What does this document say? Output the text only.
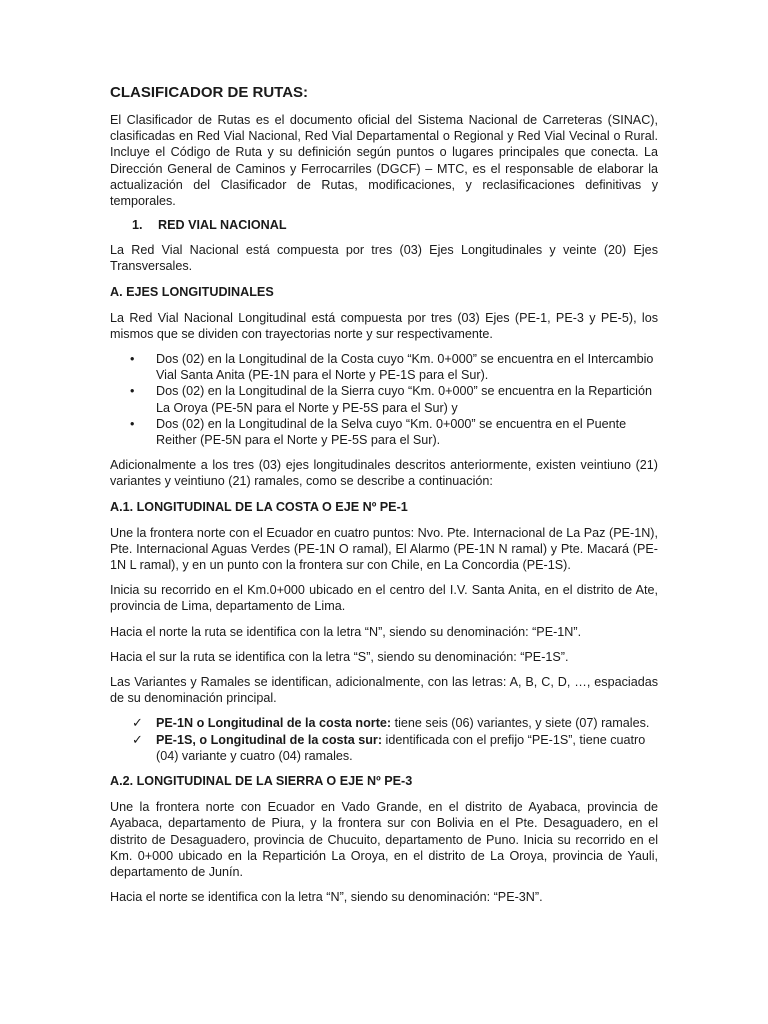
CLASIFICADOR DE RUTAS:

El Clasificador de Rutas es el documento oficial del Sistema Nacional de Carreteras (SINAC), clasificadas en Red Vial Nacional, Red Vial Departamental o Regional y Red Vial Vecinal o Rural. Incluye el Código de Ruta y su definición según puntos o lugares principales que conecta. La Dirección General de Caminos y Ferrocarriles (DGCF) – MTC, es el responsable de elaborar la actualización del Clasificador de Rutas, modificaciones, y reclasificaciones definitivas y temporales.

1. RED VIAL NACIONAL

La Red Vial Nacional está compuesta por tres (03) Ejes Longitudinales y veinte (20) Ejes Transversales.

A. EJES LONGITUDINALES

La Red Vial Nacional Longitudinal está compuesta por tres (03) Ejes (PE-1, PE-3 y PE-5), los mismos que se dividen con trayectorias norte y sur respectivamente.

• Dos (02) en la Longitudinal de la Costa cuyo “Km. 0+000” se encuentra en el Intercambio Vial Santa Anita (PE-1N para el Norte y PE-1S para el Sur).
• Dos (02) en la Longitudinal de la Sierra cuyo “Km. 0+000” se encuentra en la Repartición La Oroya (PE-5N para el Norte y PE-5S para el Sur) y
• Dos (02) en la Longitudinal de la Selva cuyo “Km. 0+000” se encuentra en el Puente Reither (PE-5N para el Norte y PE-5S para el Sur).

Adicionalmente a los tres (03) ejes longitudinales descritos anteriormente, existen veintiuno (21) variantes y veintiuno (21) ramales, como se describe a continuación:

A.1. LONGITUDINAL DE LA COSTA O EJE Nº PE-1

Une la frontera norte con el Ecuador en cuatro puntos: Nvo. Pte. Internacional de La Paz (PE-1N), Pte. Internacional Aguas Verdes (PE-1N O ramal), El Alarmo (PE-1N N ramal) y Pte. Macará (PE-1N L ramal), y en un punto con la frontera sur con Chile, en La Concordia (PE-1S).

Inicia su recorrido en el Km.0+000 ubicado en el centro del I.V. Santa Anita, en el distrito de Ate, provincia de Lima, departamento de Lima.

Hacia el norte la ruta se identifica con la letra “N”, siendo su denominación: “PE-1N”.

Hacia el sur la ruta se identifica con la letra “S”, siendo su denominación: “PE-1S”.

Las Variantes y Ramales se identifican, adicionalmente, con las letras: A, B, C, D, …, espaciadas de su denominación principal.

✓ PE-1N o Longitudinal de la costa norte: tiene seis (06) variantes, y siete (07) ramales.
✓ PE-1S, o Longitudinal de la costa sur: identificada con el prefijo “PE-1S”, tiene cuatro (04) variante y cuatro (04) ramales.
A.2. LONGITUDINAL DE LA SIERRA O EJE Nº PE-3

Une la frontera norte con Ecuador en Vado Grande, en el distrito de Ayabaca, provincia de Ayabaca, departamento de Piura, y la frontera sur con Bolivia en el Pte. Desaguadero, en el distrito de Desaguadero, provincia de Chucuito, departamento de Puno. Inicia su recorrido en el Km. 0+000 ubicado en la Repartición La Oroya, en el distrito de La Oroya, provincia de Yauli, departamento de Junín.

Hacia el norte se identifica con la letra “N”, siendo su denominación: “PE-3N”.
